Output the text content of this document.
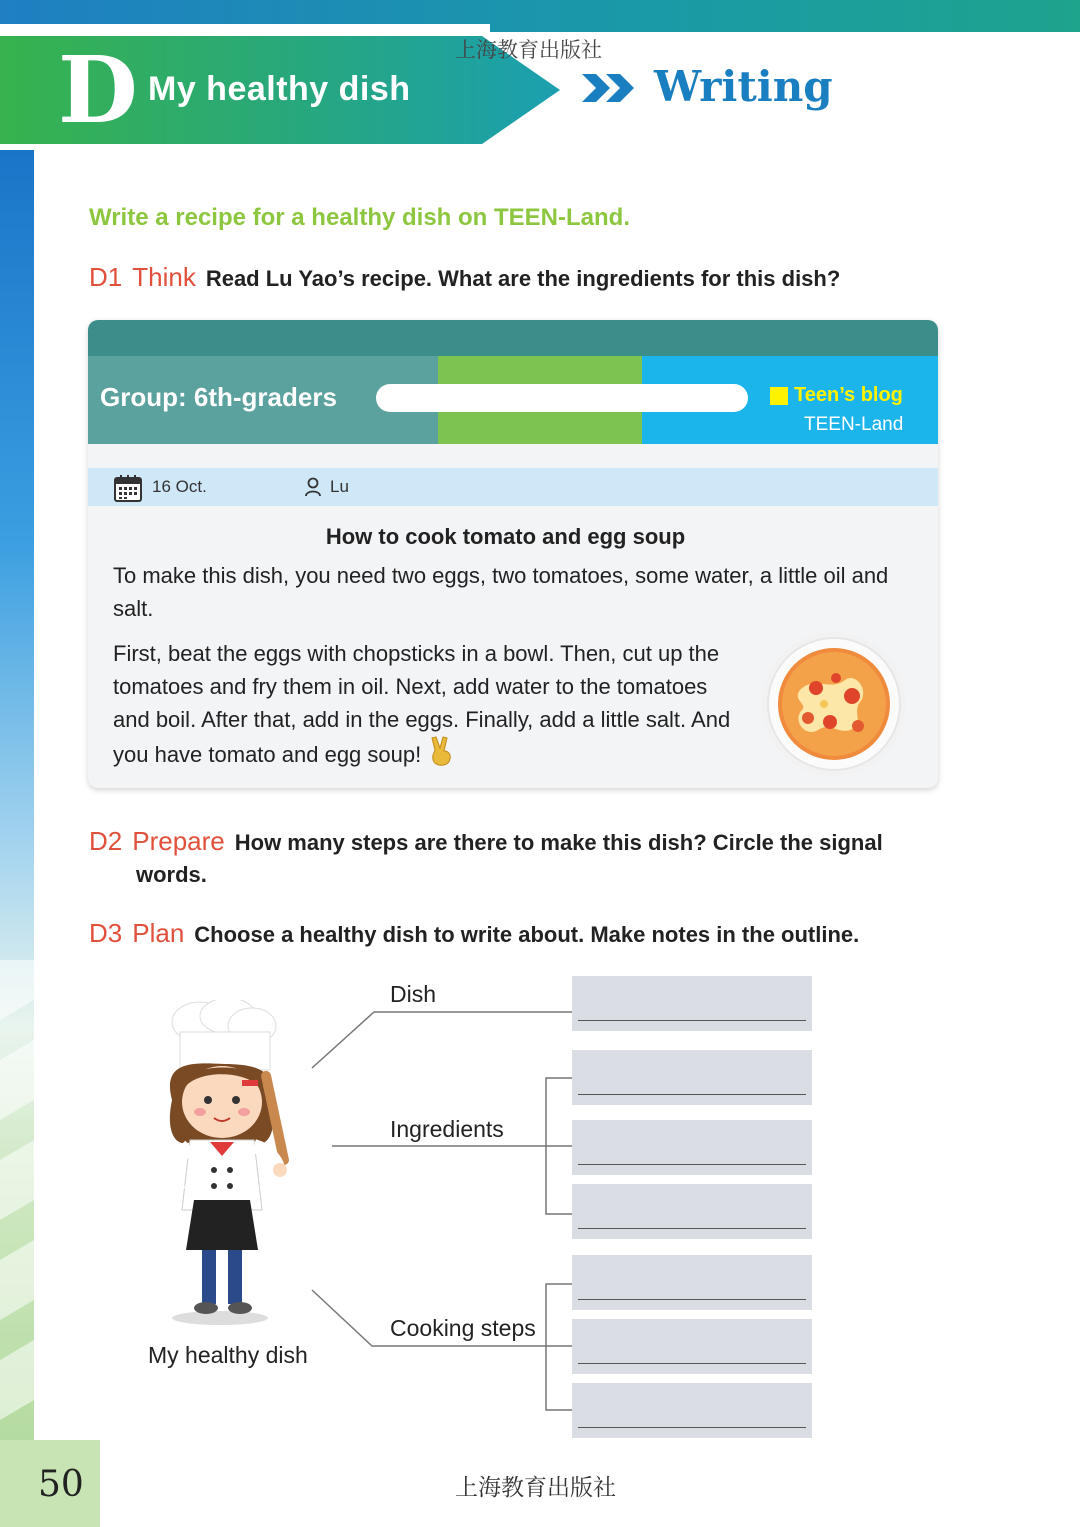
D My healthy dish	Writing
上海教育出版社
Write a recipe for a healthy dish on TEEN-Land.
D1 Think Read Lu Yao’s recipe. What are the ingredients for this dish?
Group: 6th-graders	Teen’s blog
TEEN-Land
16 Oct.	Lu
How to cook tomato and egg soup
To make this dish, you need two eggs, two tomatoes, some water, a little oil and salt.
First, beat the eggs with chopsticks in a bowl. Then, cut up the tomatoes and fry them in oil. Next, add water to the tomatoes and boil. After that, add in the eggs. Finally, add a little salt. And you have tomato and egg soup!
D2 Prepare How many steps are there to make this dish? Circle the signal
words.
D3 Plan Choose a healthy dish to write about. Make notes in the outline.
Dish
Ingredients
Cooking steps
My healthy dish
50	上海教育出版社
